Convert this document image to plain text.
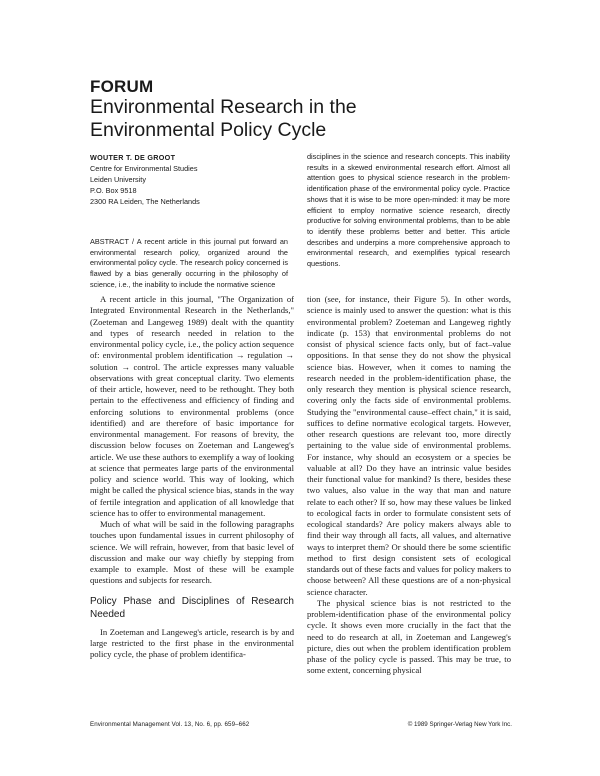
FORUM
Environmental Research in the Environmental Policy Cycle
WOUTER T. DE GROOT
Centre for Environmental Studies
Leiden University
P.O. Box 9518
2300 RA Leiden, The Netherlands
ABSTRACT / A recent article in this journal put forward an environmental research policy, organized around the environmental policy cycle. The research policy concerned is flawed by a bias generally occurring in the philosophy of science, i.e., the inability to include the normative science
disciplines in the science and research concepts. This inability results in a skewed environmental research effort. Almost all attention goes to physical science research in the problem-identification phase of the environmental policy cycle. Practice shows that it is wise to be more open-minded: it may be more efficient to employ normative science research, directly productive for solving environmental problems, than to be able to identify these problems better and better. This article describes and underpins a more comprehensive approach to environmental research, and exemplifies typical research questions.

A recent article in this journal, "The Organization of Integrated Environmental Research in the Netherlands," (Zoeteman and Langeweg 1989) dealt with the quantity and types of research needed in relation to the environmental policy cycle, i.e., the policy action sequence of: environmental problem identification → regulation → solution → control. The article expresses many valuable observations with great conceptual clarity. Two elements of their article, however, need to be rethought. They both pertain to the effectiveness and efficiency of finding and enforcing solutions to environmental problems (once identified) and are therefore of basic importance for environmental management. For reasons of brevity, the discussion below focuses on Zoeteman and Langeweg's article. We use these authors to exemplify a way of looking at science that permeates large parts of the environmental policy and science world. This way of looking, which might be called the physical science bias, stands in the way of fertile integration and application of all knowledge that science has to offer to environmental management.

Much of what will be said in the following paragraphs touches upon fundamental issues in current philosophy of science. We will refrain, however, from that basic level of discussion and make our way chiefly by stepping from example to example. Most of these will be example questions and subjects for research.

Policy Phase and Disciplines of Research Needed

In Zoeteman and Langeweg's article, research is by and large restricted to the first phase in the environmental policy cycle, the phase of problem identifica-

tion (see, for instance, their Figure 5). In other words, science is mainly used to answer the question: what is this environmental problem? Zoeteman and Langeweg rightly indicate (p. 153) that environmental problems do not consist of physical science facts only, but of fact–value oppositions. In that sense they do not show the physical science bias. However, when it comes to naming the research needed in the problem-identification phase, the only research they mention is physical science research, covering only the facts side of environmental problems. Studying the "environmental cause–effect chain," it is said, suffices to define normative ecological targets. However, other research questions are relevant too, more directly pertaining to the value side of environmental problems. For instance, why should an ecosystem or a species be valuable at all? Do they have an intrinsic value besides their functional value for mankind? Is there, besides these two values, also value in the way that man and nature relate to each other? If so, how may these values be linked to ecological facts in order to formulate consistent sets of ecological standards? Are policy makers always able to find their way through all facts, all values, and alternative ways to interpret them? Or should there be some scientific method to first design consistent sets of ecological standards out of these facts and values for policy makers to choose between? All these questions are of a non-physical science character.

The physical science bias is not restricted to the problem-identification phase of the environmental policy cycle. It shows even more crucially in the fact that the need to do research at all, in Zoeteman and Langeweg's picture, dies out when the problem identification problem phase of the policy cycle is passed. This may be true, to some extent, concerning physical

Environmental Management Vol. 13, No. 6, pp. 659–662	© 1989 Springer-Verlag New York Inc.
